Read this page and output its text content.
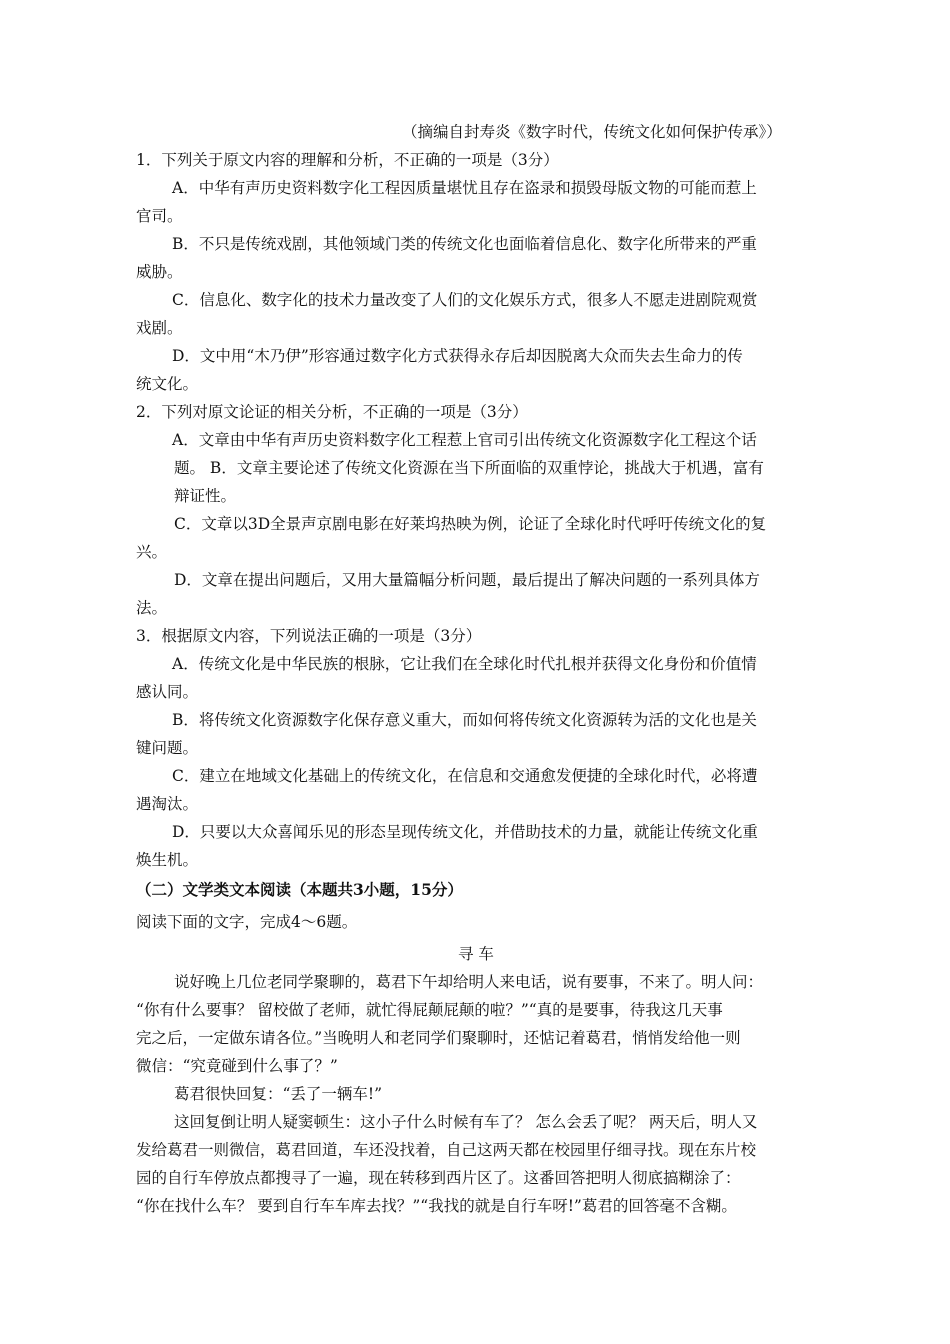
（摘编自封寿炎《数字时代，传统文化如何保护传承》）
1．下列关于原文内容的理解和分析，不正确的一项是（3分）
A．中华有声历史资料数字化工程因质量堪忧且存在盗录和损毁母版文物的可能而惹上
官司。
B．不只是传统戏剧，其他领域门类的传统文化也面临着信息化、数字化所带来的严重
威胁。
C．信息化、数字化的技术力量改变了人们的文化娱乐方式，很多人不愿走进剧院观赏
戏剧。
D．文中用“木乃伊”形容通过数字化方式获得永存后却因脱离大众而失去生命力的传
统文化。
2．下列对原文论证的相关分析，不正确的一项是（3分）
A．文章由中华有声历史资料数字化工程惹上官司引出传统文化资源数字化工程这个话
题。 B．文章主要论述了传统文化资源在当下所面临的双重悖论，挑战大于机遇，富有
辩证性。
C．文章以3D全景声京剧电影在好莱坞热映为例，论证了全球化时代呼吁传统文化的复
兴。
D．文章在提出问题后，又用大量篇幅分析问题，最后提出了解决问题的一系列具体方
法。
3．根据原文内容，下列说法正确的一项是（3分）
A．传统文化是中华民族的根脉，它让我们在全球化时代扎根并获得文化身份和价值情
感认同。
B．将传统文化资源数字化保存意义重大，而如何将传统文化资源转为活的文化也是关
键问题。
C．建立在地域文化基础上的传统文化，在信息和交通愈发便捷的全球化时代，必将遭
遇淘汰。
D．只要以大众喜闻乐见的形态呈现传统文化，并借助技术的力量，就能让传统文化重
焕生机。
（二）文学类文本阅读（本题共3小题，15分）
阅读下面的文字，完成4～6题。
寻 车
说好晚上几位老同学聚聊的，葛君下午却给明人来电话，说有要事，不来了。明人问：
“你有什么要事？ 留校做了老师，就忙得屁颠屁颠的啦？”“真的是要事，待我这几天事
完之后，一定做东请各位。”当晚明人和老同学们聚聊时，还惦记着葛君，悄悄发给他一则
微信：“究竟碰到什么事了？”
葛君很快回复：“丢了一辆车!”
这回复倒让明人疑窦顿生：这小子什么时候有车了？ 怎么会丢了呢？ 两天后，明人又
发给葛君一则微信，葛君回道，车还没找着，自己这两天都在校园里仔细寻找。现在东片校
园的自行车停放点都搜寻了一遍，现在转移到西片区了。这番回答把明人彻底搞糊涂了：
“你在找什么车？ 要到自行车车库去找？”“我找的就是自行车呀!”葛君的回答毫不含糊。
